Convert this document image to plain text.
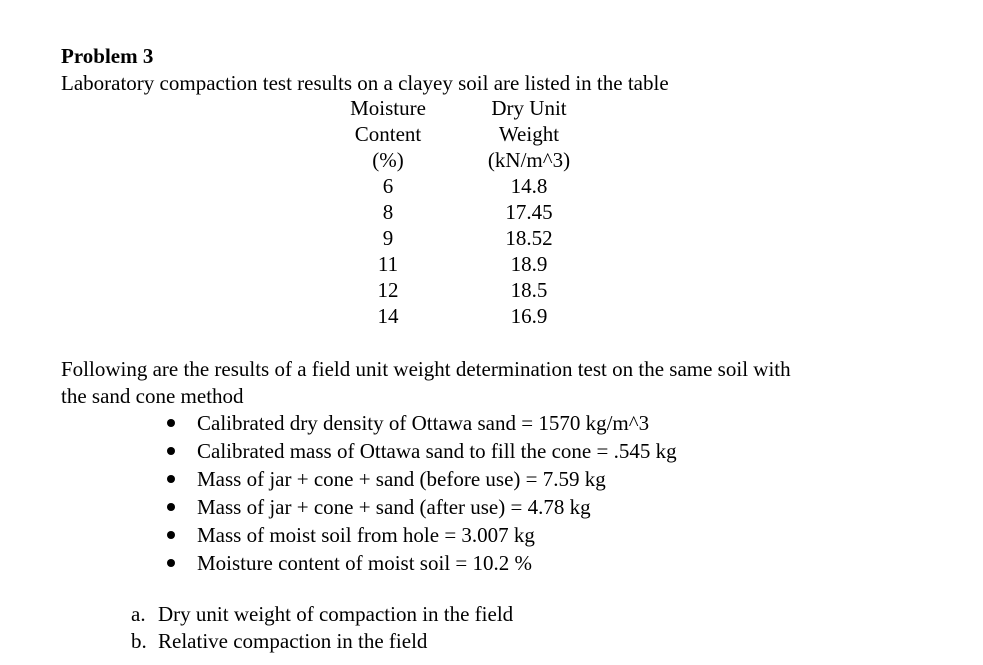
Problem 3
Laboratory compaction test results on a clayey soil are listed in the table
Moisture
Content
(%)
6
8
9
11
12
14
Dry Unit
Weight
(kN/m^3)
14.8
17.45
18.52
18.9
18.5
16.9
Following are the results of a field unit weight determination test on the same soil with
the sand cone method
Calibrated dry density of Ottawa sand = 1570 kg/m^3
Calibrated mass of Ottawa sand to fill the cone = .545 kg
Mass of jar + cone + sand (before use) = 7.59 kg
Mass of jar + cone + sand (after use) = 4.78 kg
Mass of moist soil from hole = 3.007 kg
Moisture content of moist soil = 10.2 %
a. Dry unit weight of compaction in the field
b. Relative compaction in the field
